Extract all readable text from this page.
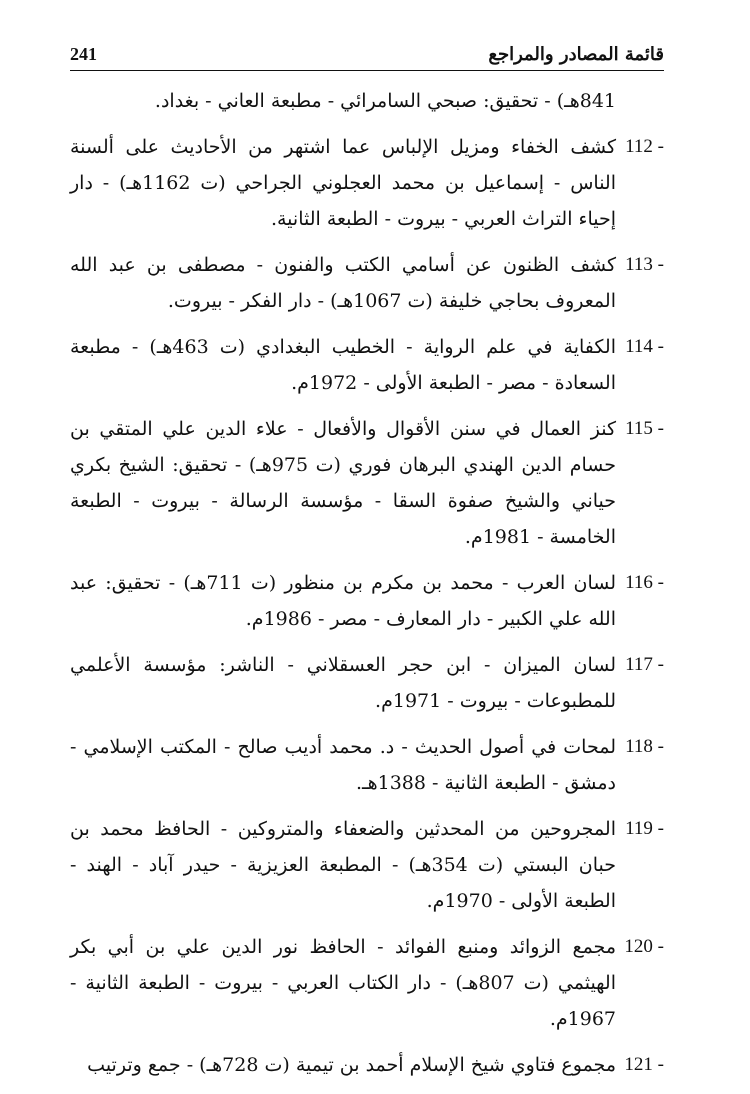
قائمة المصادر والمراجع
241
841هـ) - تحقيق: صبحي السامرائي - مطبعة العاني - بغداد.
112 -
كشف الخفاء ومزيل الإلباس عما اشتهر من الأحاديث على ألسنة الناس - إسماعيل بن محمد العجلوني الجراحي (ت 1162هـ) - دار إحياء التراث العربي - بيروت - الطبعة الثانية.
113 -
كشف الظنون عن أسامي الكتب والفنون - مصطفى بن عبد الله المعروف بحاجي خليفة (ت 1067هـ) - دار الفكر - بيروت.
114 -
الكفاية في علم الرواية - الخطيب البغدادي (ت 463هـ) - مطبعة السعادة - مصر - الطبعة الأولى - 1972م.
115 -
كنز العمال في سنن الأقوال والأفعال - علاء الدين علي المتقي بن حسام الدين الهندي البرهان فوري (ت 975هـ) - تحقيق: الشيخ بكري حياني والشيخ صفوة السقا - مؤسسة الرسالة - بيروت - الطبعة الخامسة - 1981م.
116 -
لسان العرب - محمد بن مكرم بن منظور (ت 711هـ) - تحقيق: عبد الله علي الكبير - دار المعارف - مصر - 1986م.
117 -
لسان الميزان - ابن حجر العسقلاني - الناشر: مؤسسة الأعلمي للمطبوعات - بيروت - 1971م.
118 -
لمحات في أصول الحديث - د. محمد أديب صالح - المكتب الإسلامي - دمشق - الطبعة الثانية - 1388هـ.
119 -
المجروحين من المحدثين والضعفاء والمتروكين - الحافظ محمد بن حبان البستي (ت 354هـ) - المطبعة العزيزية - حيدر آباد - الهند - الطبعة الأولى - 1970م.
120 -
مجمع الزوائد ومنبع الفوائد - الحافظ نور الدين علي بن أبي بكر الهيثمي (ت 807هـ) - دار الكتاب العربي - بيروت - الطبعة الثانية - 1967م.
121 -
مجموع فتاوي شيخ الإسلام أحمد بن تيمية (ت 728هـ) - جمع وترتيب
